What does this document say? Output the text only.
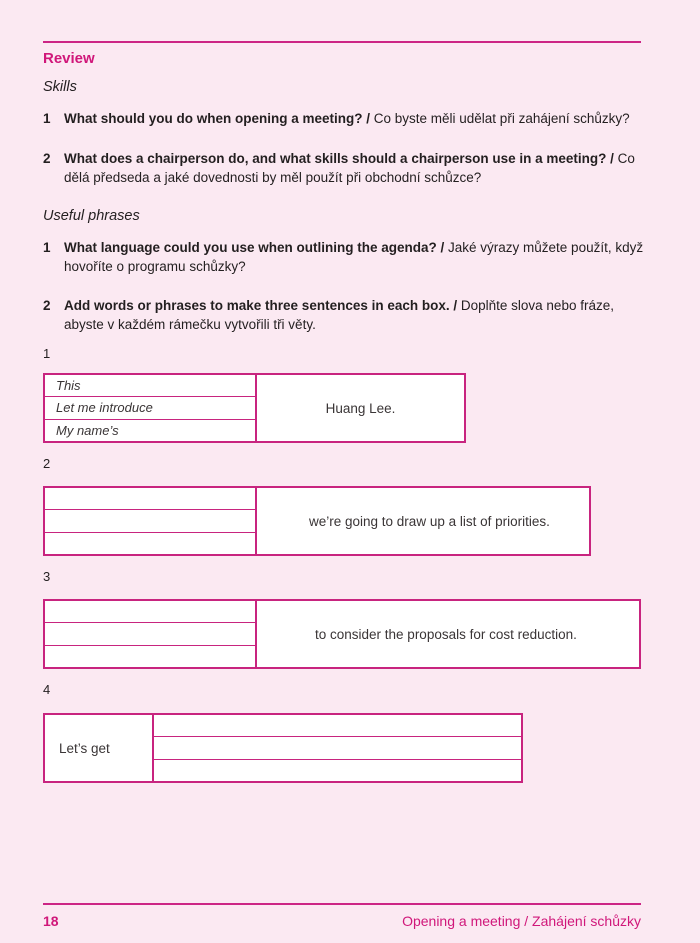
Review
Skills
1 What should you do when opening a meeting? / Co byste měli udělat při zahájení schůzky?
2 What does a chairperson do, and what skills should a chairperson use in a meeting? / Co dělá předseda a jaké dovednosti by měl použít při obchodní schůzce?
Useful phrases
1 What language could you use when outlining the agenda? / Jaké výrazy můžete použít, když hovoříte o programu schůzky?
2 Add words or phrases to make three sentences in each box. / Doplňte slova nebo fráze, abyste v každém rámečku vytvořili tři věty.
1
This
Let me introduce
My name’s
Huang Lee.
2
we’re going to draw up a list of priorities.
3
to consider the proposals for cost reduction.
4
Let’s get
18	Opening a meeting / Zahájení schůzky
